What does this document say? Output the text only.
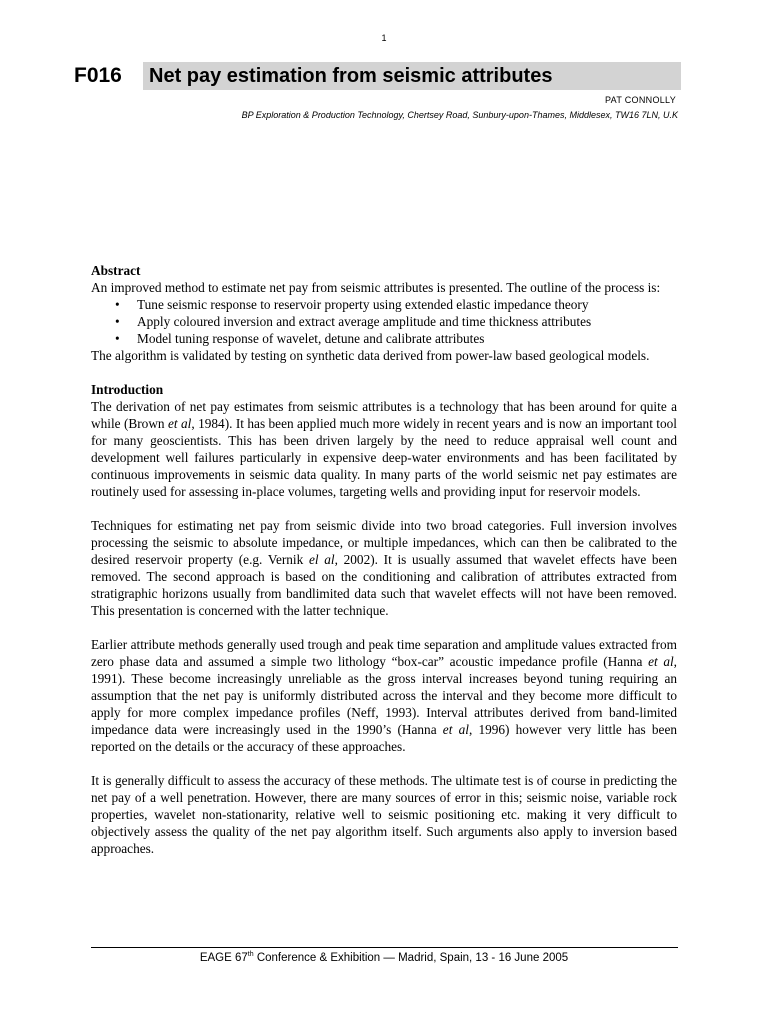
1
F016 Net pay estimation from seismic attributes
PAT CONNOLLY
BP Exploration & Production Technology, Chertsey Road, Sunbury-upon-Thames, Middlesex, TW16 7LN, U.K
Abstract

An improved method to estimate net pay from seismic attributes is presented. The outline of the process is:

• Tune seismic response to reservoir property using extended elastic impedance theory
• Apply coloured inversion and extract average amplitude and time thickness attributes
• Model tuning response of wavelet, detune and calibrate attributes

The algorithm is validated by testing on synthetic data derived from power-law based geological models.

Introduction

The derivation of net pay estimates from seismic attributes is a technology that has been around for quite a while (Brown et al, 1984). It has been applied much more widely in recent years and is now an important tool for many geoscientists. This has been driven largely by the need to reduce appraisal well count and development well failures particularly in expensive deep-water environments and has been facilitated by continuous improvements in seismic data quality. In many parts of the world seismic net pay estimates are routinely used for assessing in-place volumes, targeting wells and providing input for reservoir models.

Techniques for estimating net pay from seismic divide into two broad categories. Full inversion involves processing the seismic to absolute impedance, or multiple impedances, which can then be calibrated to the desired reservoir property (e.g. Vernik el al, 2002). It is usually assumed that wavelet effects have been removed. The second approach is based on the conditioning and calibration of attributes extracted from stratigraphic horizons usually from bandlimited data such that wavelet effects will not have been removed. This presentation is concerned with the latter technique.

Earlier attribute methods generally used trough and peak time separation and amplitude values extracted from zero phase data and assumed a simple two lithology “box-car” acoustic impedance profile (Hanna et al, 1991). These become increasingly unreliable as the gross interval increases beyond tuning requiring an assumption that the net pay is uniformly distributed across the interval and they become more difficult to apply for more complex impedance profiles (Neff, 1993). Interval attributes derived from band-limited impedance data were increasingly used in the 1990’s (Hanna et al, 1996) however very little has been reported on the details or the accuracy of these approaches.

It is generally difficult to assess the accuracy of these methods. The ultimate test is of course in predicting the net pay of a well penetration. However, there are many sources of error in this; seismic noise, variable rock properties, wavelet non-stationarity, relative well to seismic positioning etc. making it very difficult to objectively assess the quality of the net pay algorithm itself. Such arguments also apply to inversion based approaches.

EAGE 67th Conference & Exhibition — Madrid, Spain, 13 - 16 June 2005
